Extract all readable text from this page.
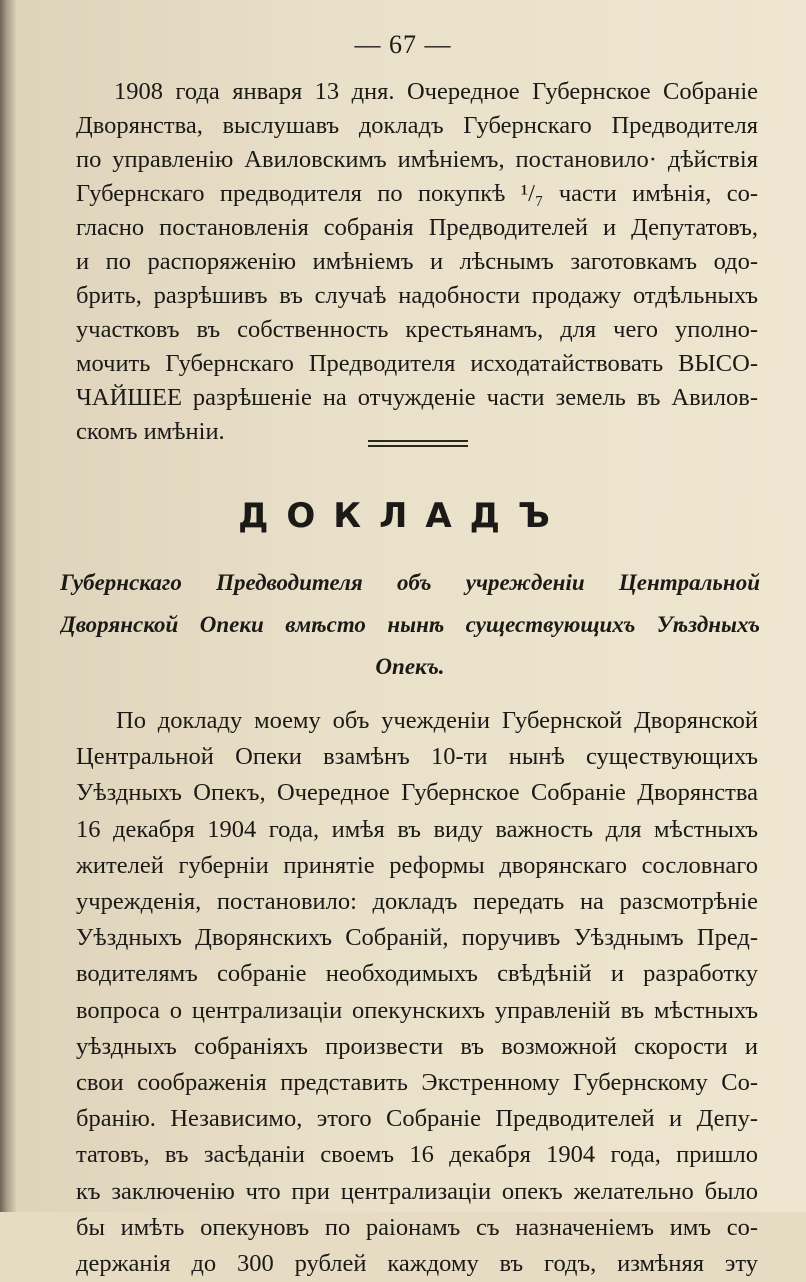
— 67 —
1908 года января 13 дня. Очередное Губернское Собраніе
Дворянства, выслушавъ докладъ Губернскаго Предводителя
по управленію Авиловскимъ имѣніемъ, постановило· дѣйствія
Губернскаго предводителя по покупкѣ ¹/₇ части имѣнія, со-
гласно постановленія собранія Предводителей и Депутатовъ,
и по распоряженію имѣніемъ и лѣснымъ заготовкамъ одо-
брить, разрѣшивъ въ случаѣ надобности продажу отдѣльныхъ
участковъ въ собственность крестьянамъ, для чего уполно-
мочить Губернскаго Предводителя исходатайствовать ВЫСО-
ЧАЙШЕЕ разрѣшеніе на отчужденіе части земель въ Авилов-
скомъ имѣніи.
ДОКЛАДЪ
Губернскаго Предводителя объ учрежденіи Центральной
Дворянской Опеки вмѣсто нынѣ существующихъ Уѣздныхъ
Опекъ.
По докладу моему объ учежденіи Губернской Дворянской
Центральной Опеки взамѣнъ 10-ти нынѣ существующихъ
Уѣздныхъ Опекъ, Очередное Губернское Собраніе Дворянства
16 декабря 1904 года, имѣя въ виду важность для мѣстныхъ
жителей губерніи принятіе реформы дворянскаго сословнаго
учрежденія, постановило: докладъ передать на разсмотрѣніе
Уѣздныхъ Дворянскихъ Собраній, поручивъ Уѣзднымъ Пред-
водителямъ собраніе необходимыхъ свѣдѣній и разработку
вопроса о централизаціи опекунскихъ управленій въ мѣстныхъ
уѣздныхъ собраніяхъ произвести въ возможной скорости и
свои соображенія представить Экстренному Губернскому Со-
бранію. Независимо, этого Собраніе Предводителей и Депу-
татовъ, въ засѣданіи своемъ 16 декабря 1904 года, пришло
къ заключенію что при централизаціи опекъ желательно было
бы имѣть опекуновъ по раіонамъ съ назначеніемъ имъ со-
держанія до 300 рублей каждому въ годъ, измѣняя эту
